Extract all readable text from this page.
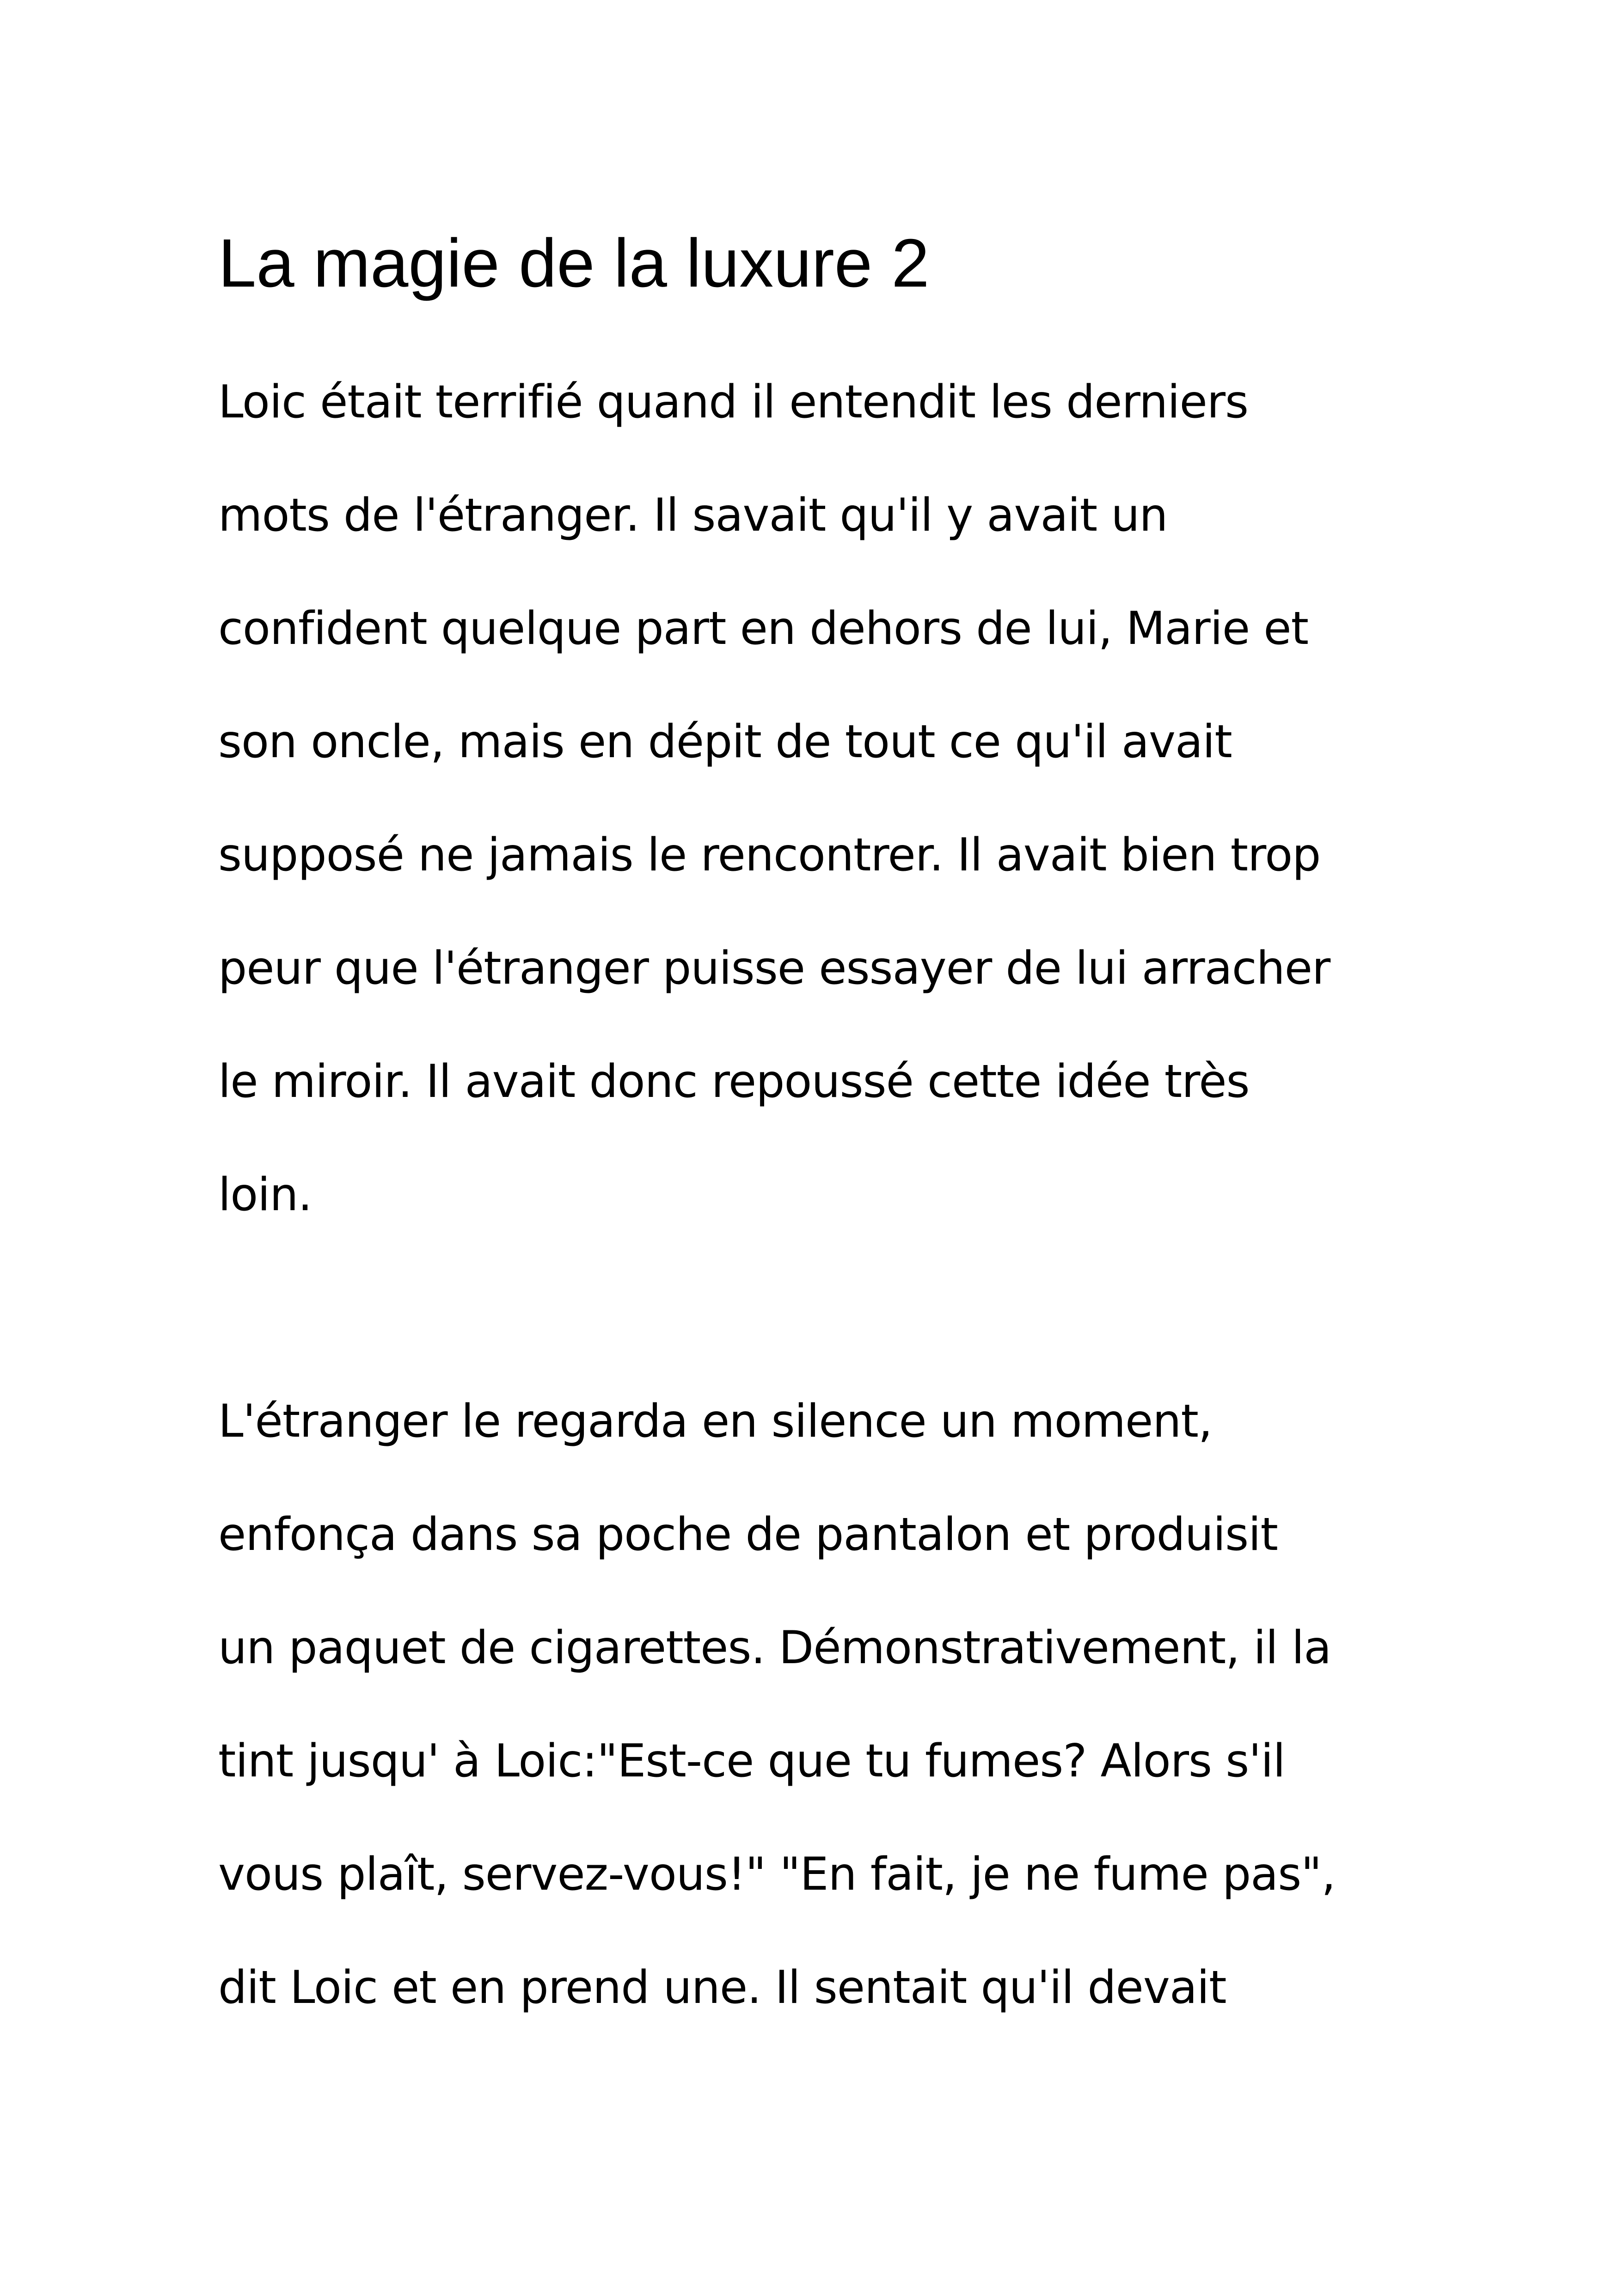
La magie de la luxure 2

Loic était terrifié quand il entendit les derniers

mots de l'étranger. Il savait qu'il y avait un

confident quelque part en dehors de lui, Marie et

son oncle, mais en dépit de tout ce qu'il avait

supposé ne jamais le rencontrer. Il avait bien trop

peur que l'étranger puisse essayer de lui arracher

le miroir. Il avait donc repoussé cette idée très

loin.

L'étranger le regarda en silence un moment,

enfonça dans sa poche de pantalon et produisit

un paquet de cigarettes. Démonstrativement, il la

tint jusqu' à Loic:"Est-ce que tu fumes? Alors s'il

vous plaît, servez-vous!" "En fait, je ne fume pas",

dit Loic et en prend une. Il sentait qu'il devait
